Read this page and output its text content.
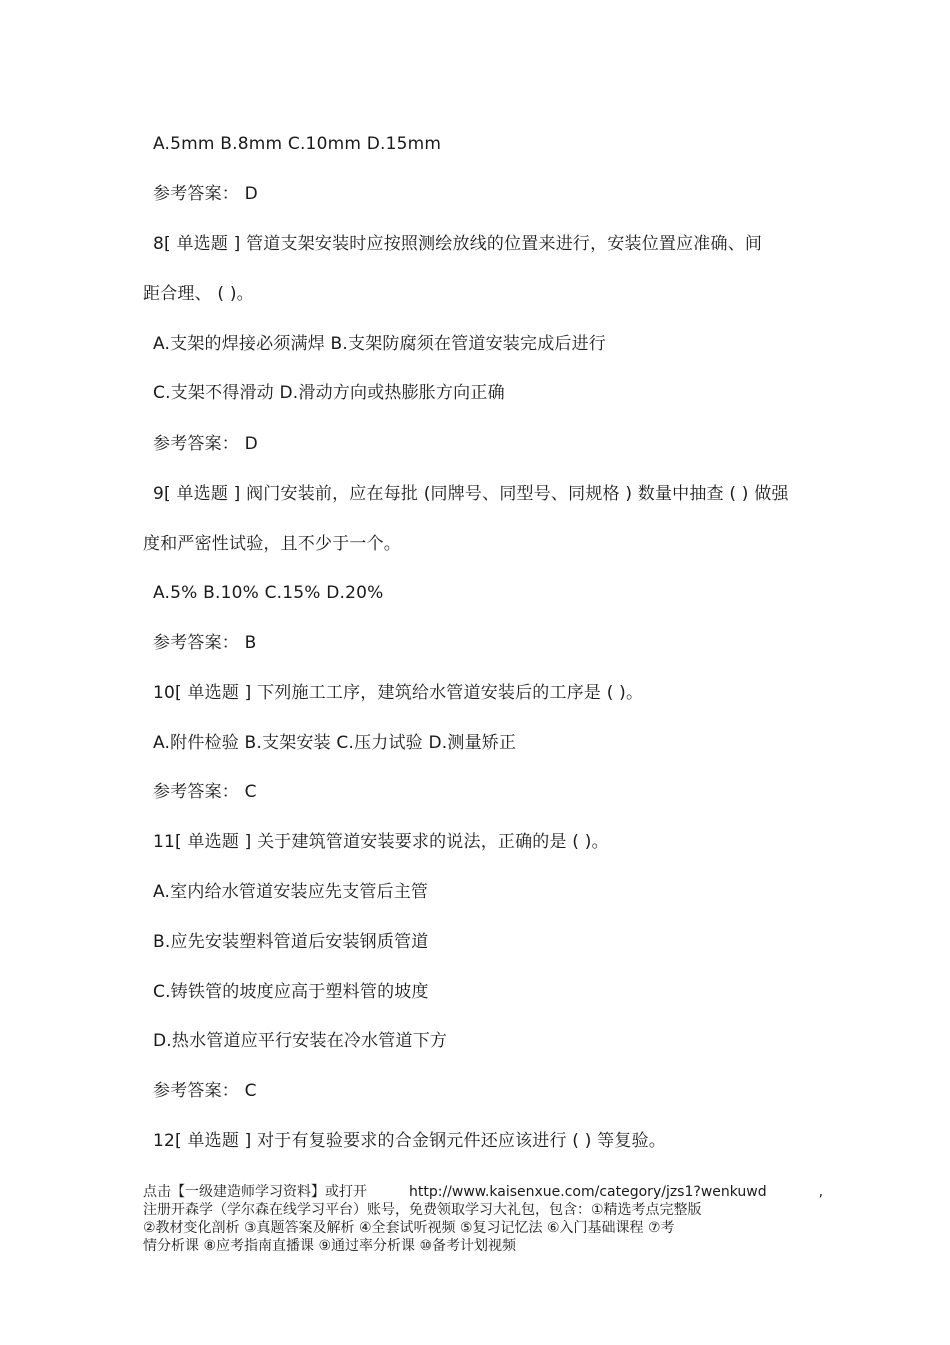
A.5mm B.8mm C.10mm D.15mm
参考答案： D
8[ 单选题 ] 管道支架安装时应按照测绘放线的位置来进行，安装位置应准确、间
距合理、 ( )。
A.支架的焊接必须满焊 B.支架防腐须在管道安装完成后进行
C.支架不得滑动 D.滑动方向或热膨胀方向正确
参考答案： D
9[ 单选题 ] 阀门安装前，应在每批 (同牌号、同型号、同规格 ) 数量中抽查 ( ) 做强
度和严密性试验，且不少于一个。
A.5% B.10% C.15% D.20%
参考答案： B
10[ 单选题 ] 下列施工工序，建筑给水管道安装后的工序是 ( )。
A.附件检验 B.支架安装 C.压力试验 D.测量矫正
参考答案： C
11[ 单选题 ] 关于建筑管道安装要求的说法，正确的是 ( )。
A.室内给水管道安装应先支管后主管
B.应先安装塑料管道后安装钢质管道
C.铸铁管的坡度应高于塑料管的坡度
D.热水管道应平行安装在冷水管道下方
参考答案： C
12[ 单选题 ] 对于有复验要求的合金钢元件还应该进行 ( ) 等复验。
点击【一级建造师学习资料】或打开	http://www.kaisenxue.com/category/jzs1?wenkuwd	,
注册开森学（学尔森在线学习平台）账号，免费领取学习大礼包，包含：①精选考点完整版
②教材变化剖析 ③真题答案及解析 ④全套试听视频 ⑤复习记忆法 ⑥入门基础课程 ⑦考
情分析课 ⑧应考指南直播课 ⑨通过率分析课 ⑩备考计划视频
